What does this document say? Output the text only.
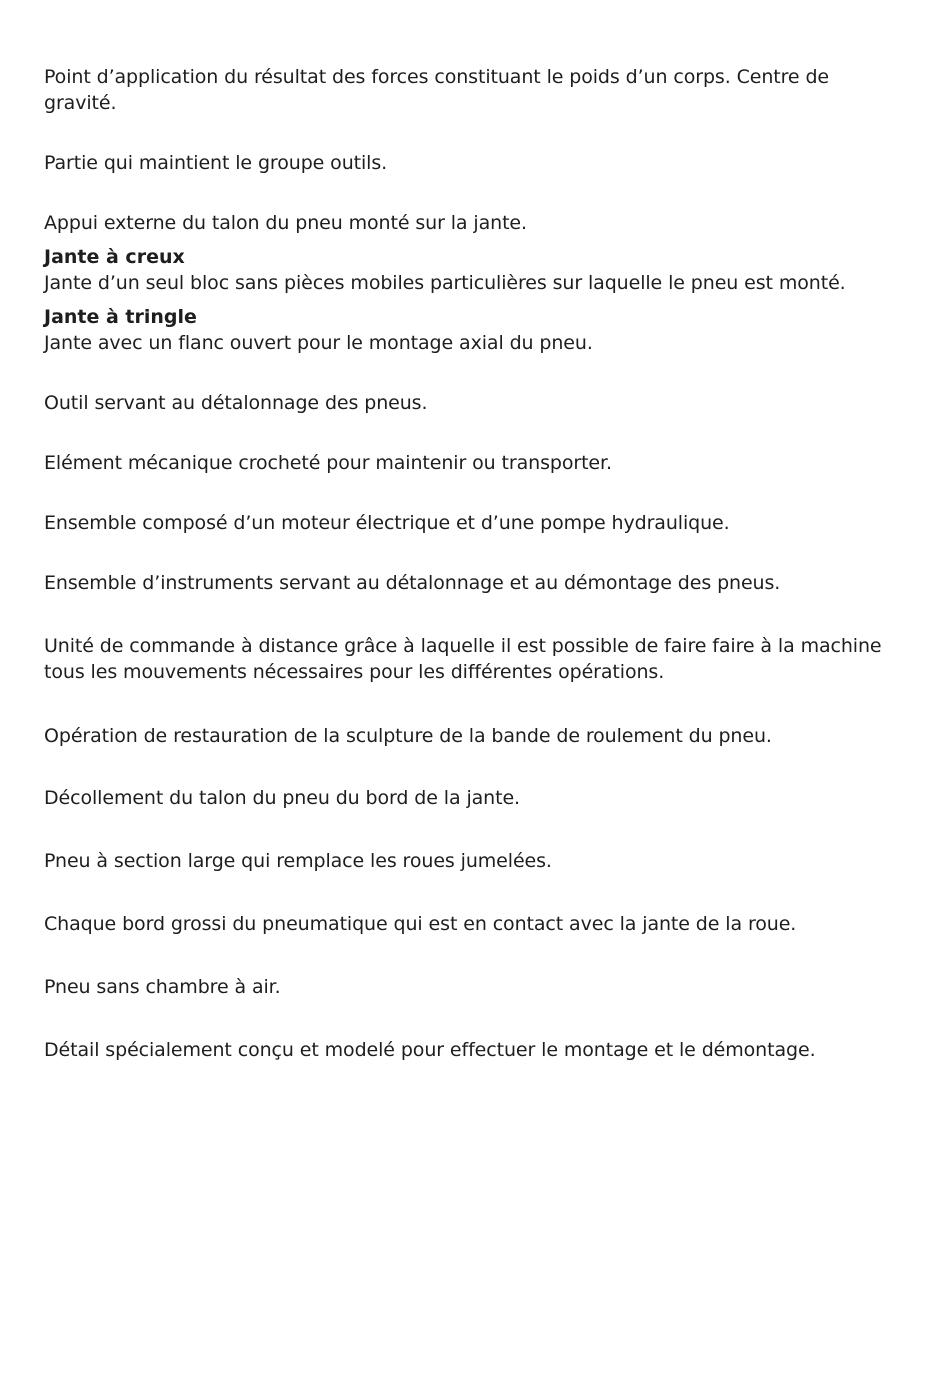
Point d’application du résultat des forces constituant le poids d’un corps. Centre de gravité.
Partie qui maintient le groupe outils.
Appui externe du talon du pneu monté sur la jante.
Jante à creux
Jante d’un seul bloc sans pièces mobiles particulières sur laquelle le pneu est monté.
Jante à tringle
Jante avec un flanc ouvert pour le montage axial du pneu.
Outil servant au détalonnage des pneus.
Elément mécanique crocheté pour maintenir ou transporter.
Ensemble composé d’un moteur électrique et d’une pompe hydraulique.
Ensemble d’instruments servant au détalonnage et au démontage des pneus.
Unité de commande à distance grâce à laquelle il est possible de faire faire à la machine tous les mouvements nécessaires pour les différentes opérations.
Opération de restauration de la sculpture de la bande de roulement du pneu.
Décollement du talon du pneu du bord de la jante.
Pneu à section large qui remplace les roues jumelées.
Chaque bord grossi du pneumatique qui est en contact avec la jante de la roue.
Pneu sans chambre à air.
Détail spécialement conçu et modelé pour effectuer le montage et le démontage.
